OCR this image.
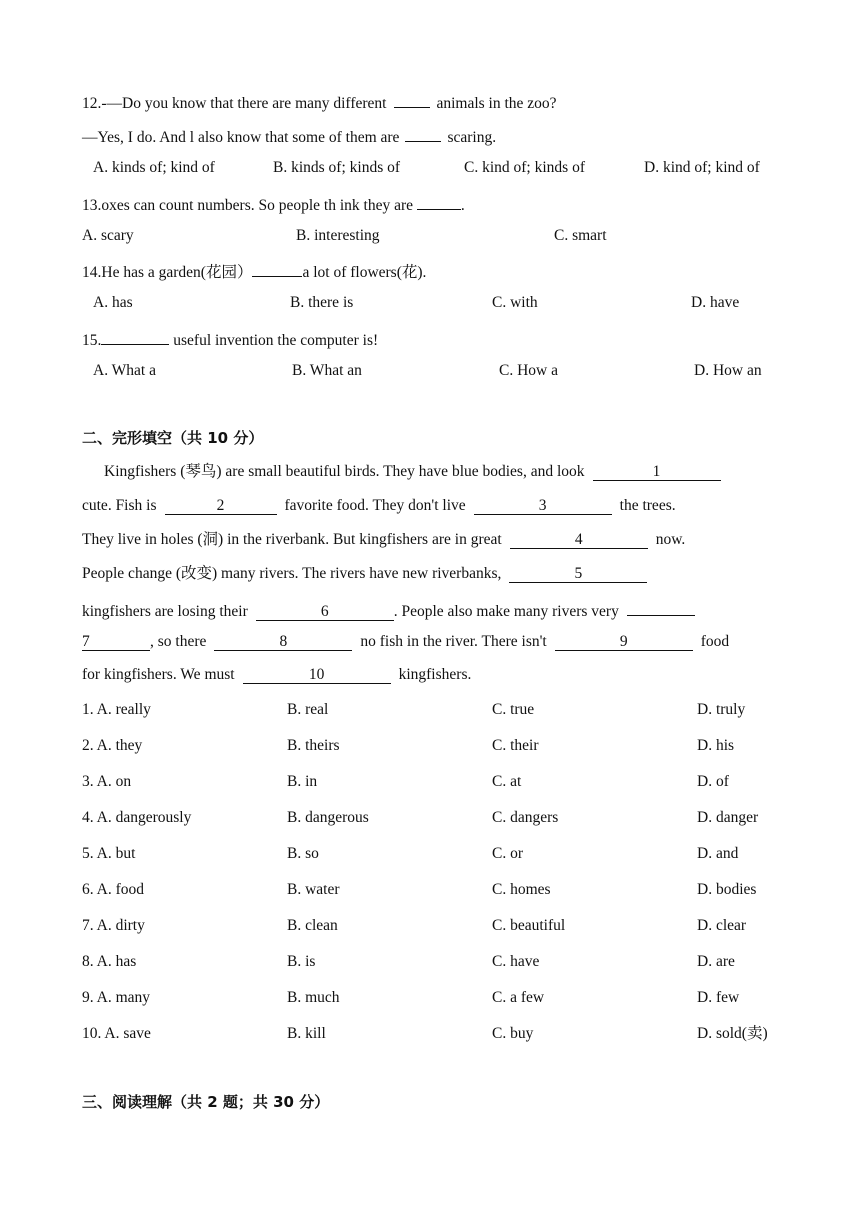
12.-—Do you know that there are many different	animals in the zoo?
—Yes, I do. And l also know that some of them are	scaring.
A. kinds of; kind of	B. kinds of; kinds of	C. kind of; kinds of	D. kind of; kind of
13.oxes can count numbers. So people th ink they are	.
A. scary	B. interesting	C. smart
14.He has a garden(花园）	a lot of flowers(花).
A. has	B. there is	C. with	D. have
15.	useful invention the computer is!
A. What a	B. What an	C. How a	D. How an
二、完形填空（共 10 分）
Kingfishers (琴鸟) are small beautiful birds. They have blue bodies, and look	1
cute. Fish is	2	favorite food. They don't live	3	the trees.
They live in holes (洞) in the riverbank. But kingfishers are in great	4	now.
People change (改变) many rivers. The rivers have new riverbanks,	5
kingfishers are losing their	6	. People also make many rivers very
7	, so there	8	no fish in the river. There isn't	9	food
for kingfishers. We must	10	kingfishers.
1. A. really	B. real	C. true	D. truly
2. A. they	B. theirs	C. their	D. his
3. A. on	B. in	C. at	D. of
4. A. dangerously	B. dangerous	C. dangers	D. danger
5. A. but	B. so	C. or	D. and
6. A. food	B. water	C. homes	D. bodies
7. A. dirty	B. clean	C. beautiful	D. clear
8. A. has	B. is	C. have	D. are
9. A. many	B. much	C. a few	D. few
10. A. save	B. kill	C. buy	D. sold(卖)
三、阅读理解（共 2 题；共 30 分）
